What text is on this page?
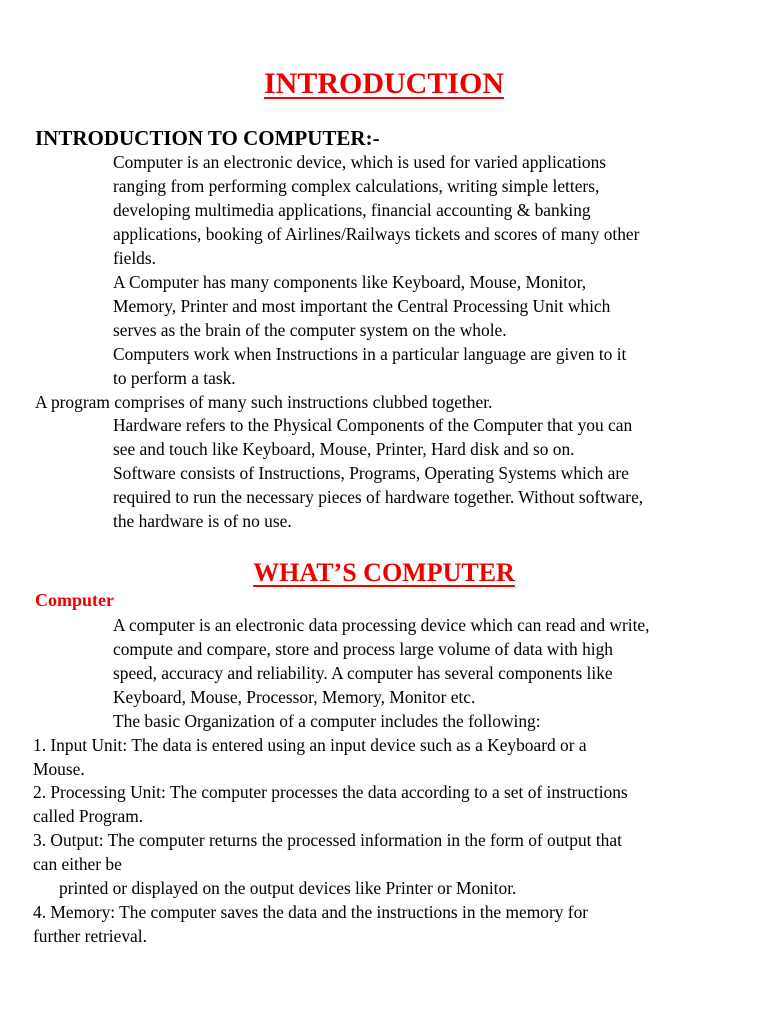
INTRODUCTION
INTRODUCTION TO COMPUTER:-
Computer is an electronic device, which is used for varied applications
ranging from performing complex calculations, writing simple letters,
developing multimedia applications, financial accounting & banking
applications, booking of Airlines/Railways tickets and scores of many other
fields.
A Computer has many components like Keyboard, Mouse, Monitor,
Memory, Printer and most important the Central Processing Unit which
serves as the brain of the computer system on the whole.
Computers work when Instructions in a particular language are given to it
to perform a task.
A program comprises of many such instructions clubbed together.
Hardware refers to the Physical Components of the Computer that you can
see and touch like Keyboard, Mouse, Printer, Hard disk and so on.
Software consists of Instructions, Programs, Operating Systems which are
required to run the necessary pieces of hardware together. Without software,
the hardware is of no use.
WHAT’S COMPUTER
Computer
A computer is an electronic data processing device which can read and write,
compute and compare, store and process large volume of data with high
speed, accuracy and reliability. A computer has several components like
Keyboard, Mouse, Processor, Memory, Monitor etc.
The basic Organization of a computer includes the following:
1. Input Unit: The data is entered using an input device such as a Keyboard or a
Mouse.
2. Processing Unit: The computer processes the data according to a set of instructions
called Program.
3. Output: The computer returns the processed information in the form of output that
can either be
printed or displayed on the output devices like Printer or Monitor.
4. Memory: The computer saves the data and the instructions in the memory for
further retrieval.
